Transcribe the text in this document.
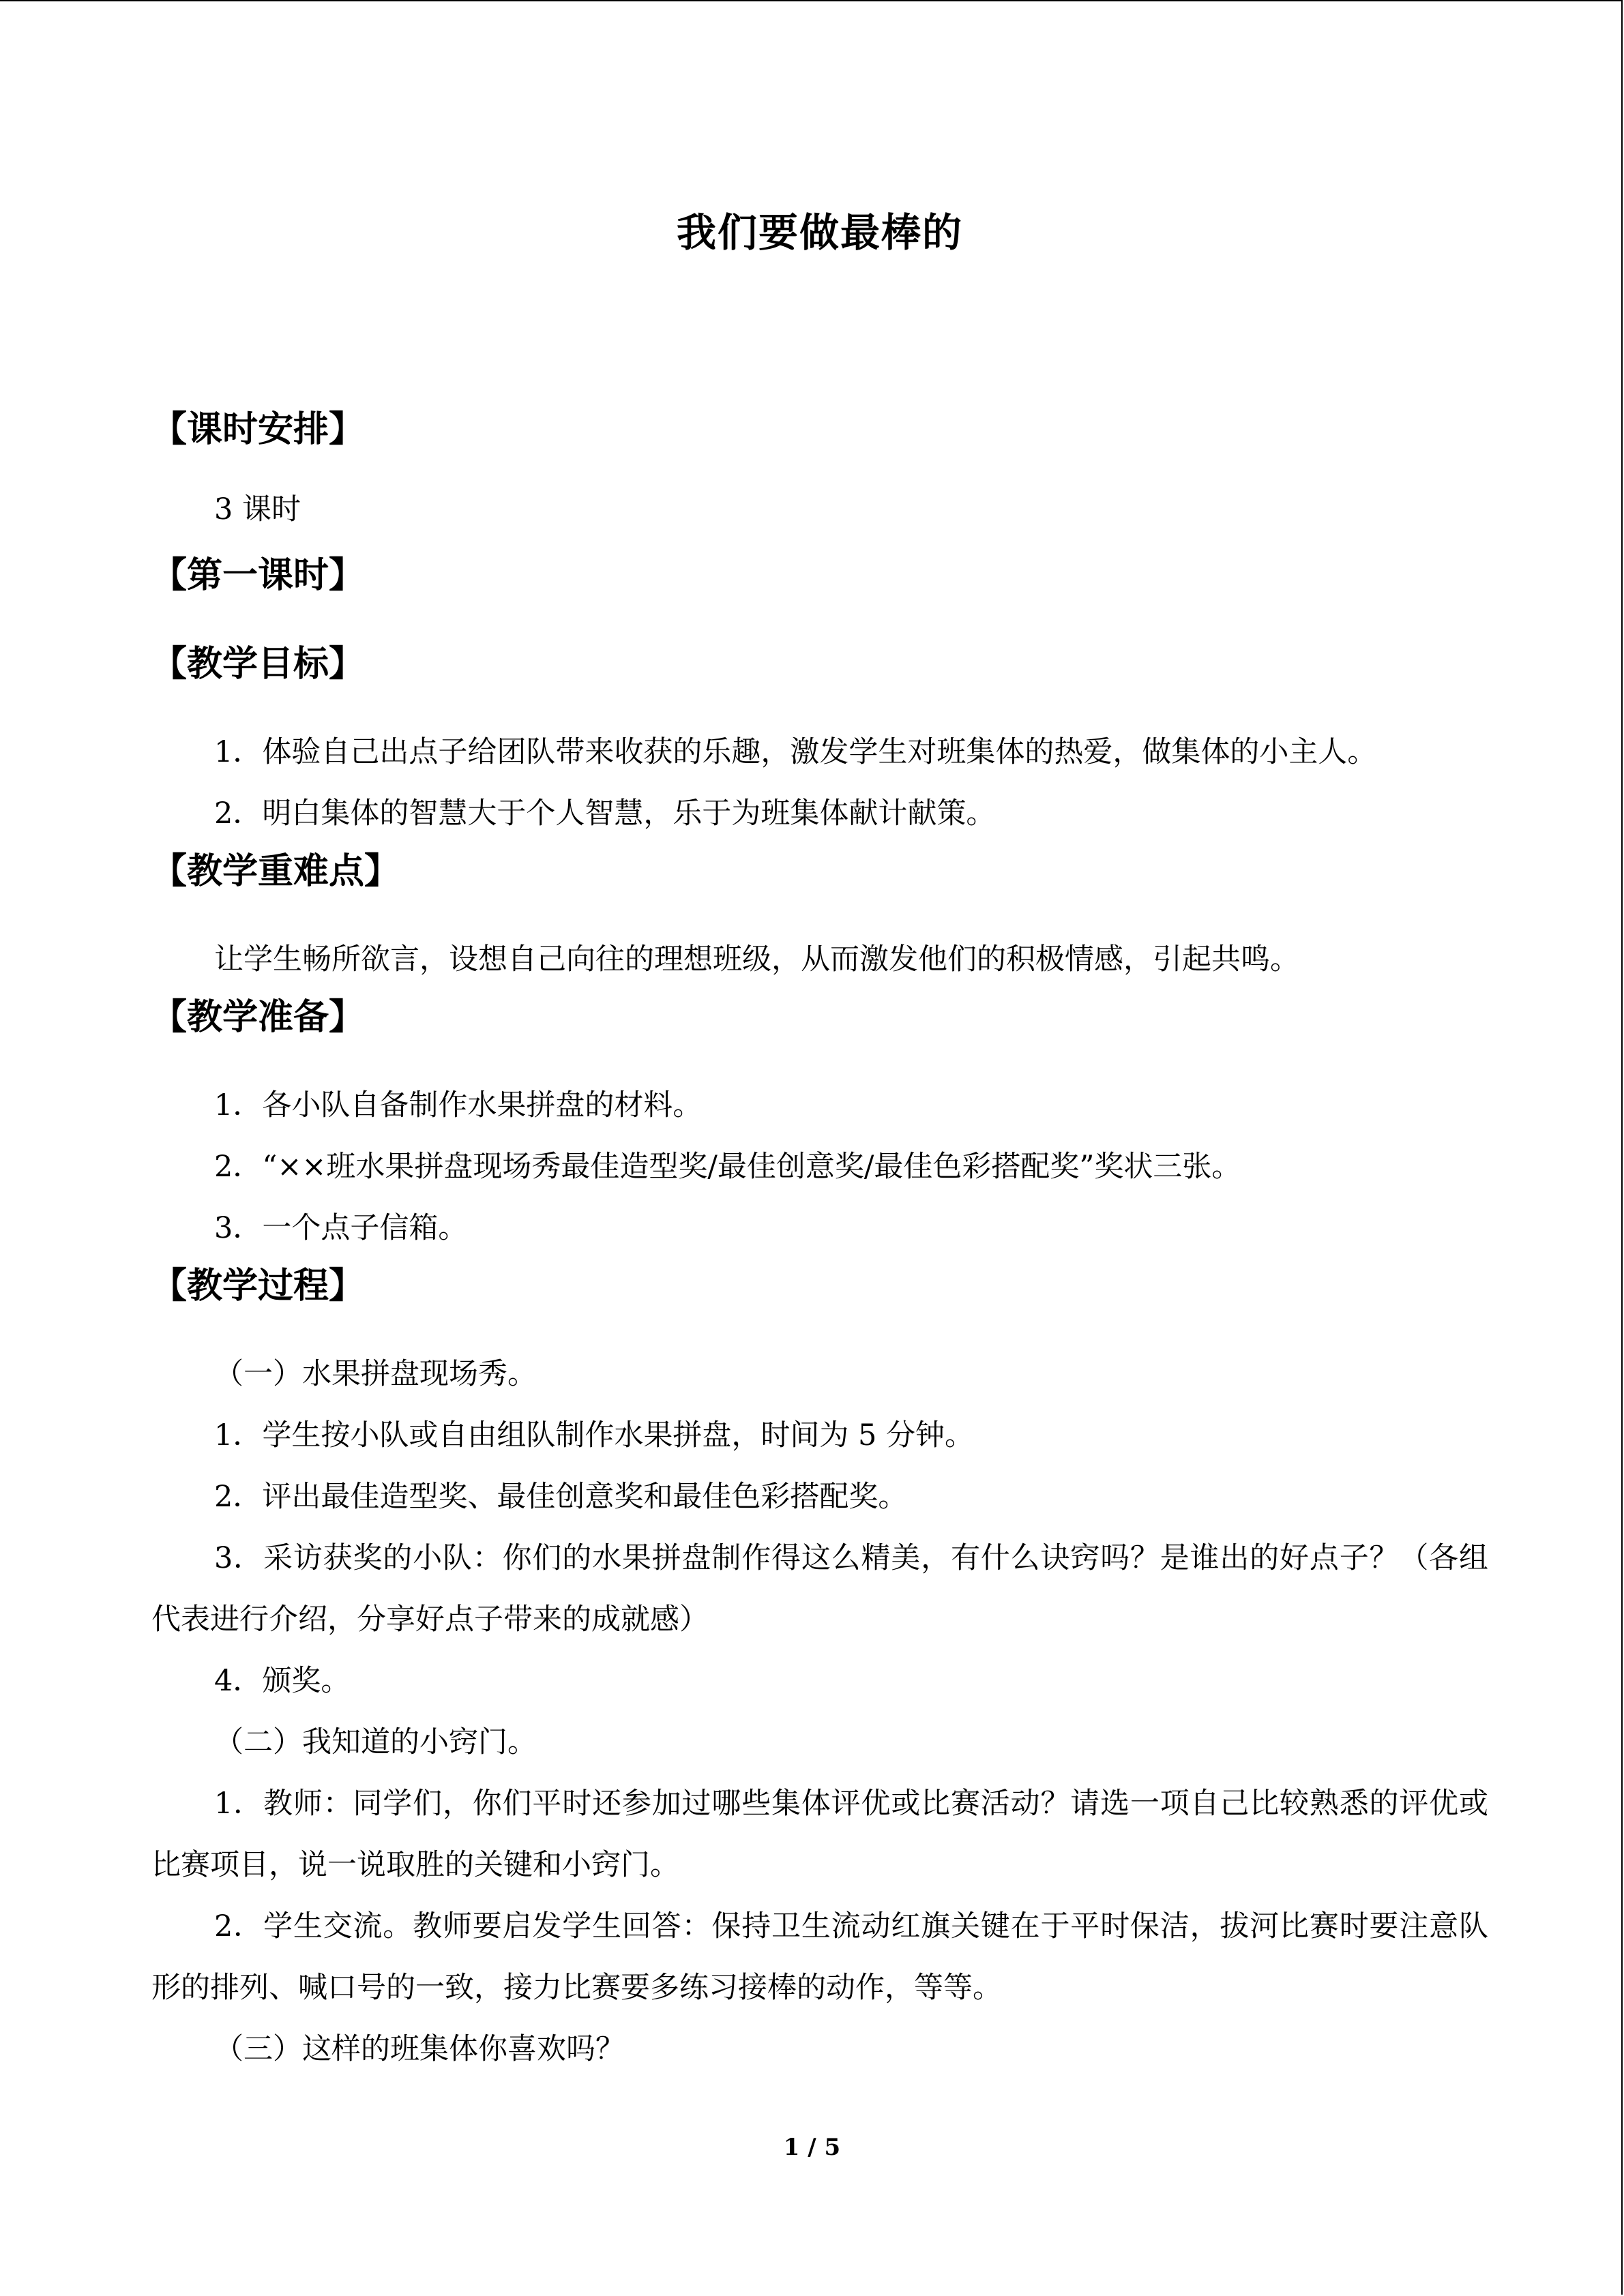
我们要做最棒的
【课时安排】

3 课时

【第一课时】
【教学目标】

1．体验自己出点子给团队带来收获的乐趣，激发学生对班集体的热爱，做集体的小主人。

2．明白集体的智慧大于个人智慧，乐于为班集体献计献策。

【教学重难点】

让学生畅所欲言，设想自己向往的理想班级，从而激发他们的积极情感，引起共鸣。

【教学准备】

1．各小队自备制作水果拼盘的材料。

2．“××班水果拼盘现场秀最佳造型奖/最佳创意奖/最佳色彩搭配奖”奖状三张。

3．一个点子信箱。

【教学过程】

（一）水果拼盘现场秀。

1．学生按小队或自由组队制作水果拼盘，时间为 5 分钟。

2．评出最佳造型奖、最佳创意奖和最佳色彩搭配奖。

3．采访获奖的小队：你们的水果拼盘制作得这么精美，有什么诀窍吗？是谁出的好点子？（各组代表进行介绍，分享好点子带来的成就感）

4．颁奖。

（二）我知道的小窍门。

1．教师：同学们，你们平时还参加过哪些集体评优或比赛活动？请选一项自己比较熟悉的评优或比赛项目，说一说取胜的关键和小窍门。

2．学生交流。教师要启发学生回答：保持卫生流动红旗关键在于平时保洁，拔河比赛时要注意队形的排列、喊口号的一致，接力比赛要多练习接棒的动作，等等。

（三）这样的班集体你喜欢吗？

1 / 5
